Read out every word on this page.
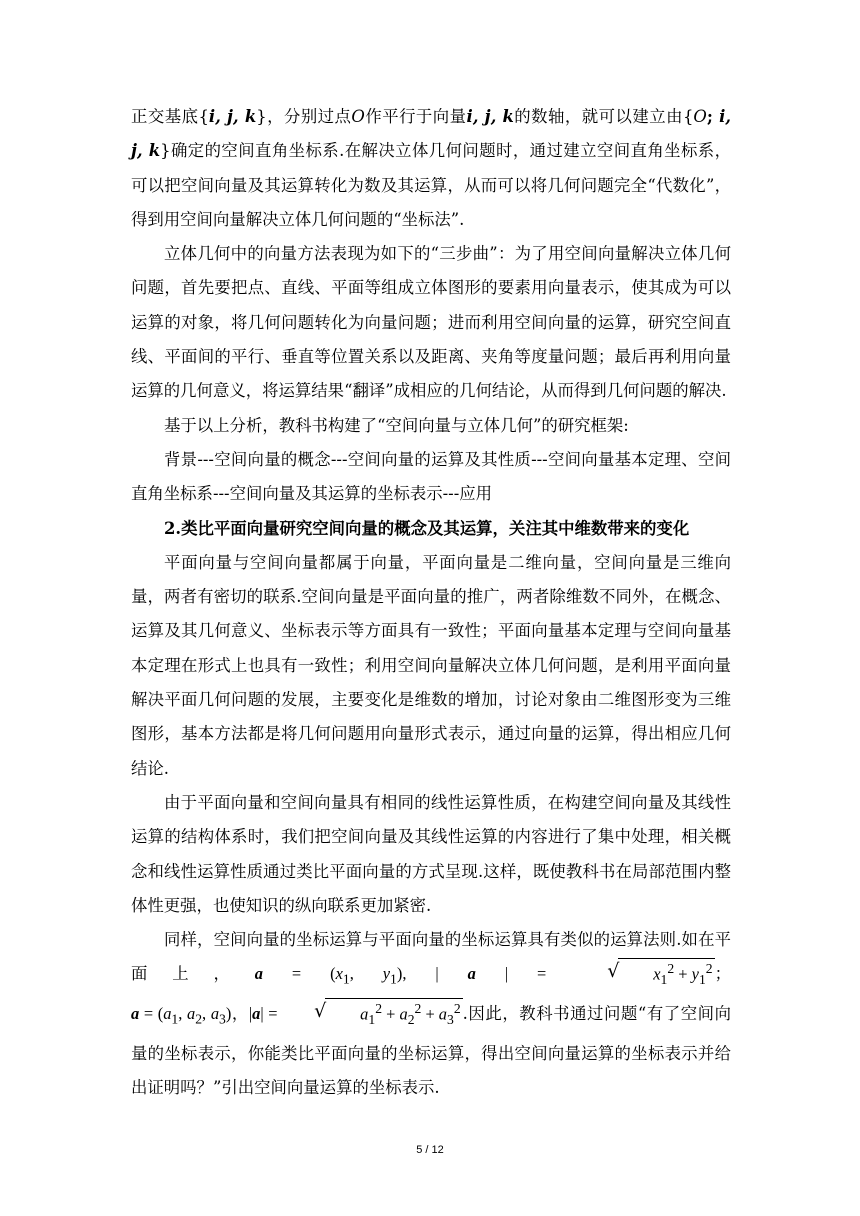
正交基底{i, j, k}，分别过点O作平行于向量i, j, k的数轴，就可以建立由{O; i, j, k}确定的空间直角坐标系.在解决立体几何问题时，通过建立空间直角坐标系，可以把空间向量及其运算转化为数及其运算，从而可以将几何问题完全“代数化”，得到用空间向量解决立体几何问题的“坐标法”.

立体几何中的向量方法表现为如下的“三步曲”：为了用空间向量解决立体几何问题，首先要把点、直线、平面等组成立体图形的要素用向量表示，使其成为可以运算的对象，将几何问题转化为向量问题；进而利用空间向量的运算，研究空间直线、平面间的平行、垂直等位置关系以及距离、夹角等度量问题；最后再利用向量运算的几何意义，将运算结果“翻译”成相应的几何结论，从而得到几何问题的解决.

基于以上分析，教科书构建了“空间向量与立体几何”的研究框架:

背景---空间向量的概念---空间向量的运算及其性质---空间向量基本定理、空间直角坐标系---空间向量及其运算的坐标表示---应用

2.类比平面向量研究空间向量的概念及其运算，关注其中维数带来的变化

平面向量与空间向量都属于向量，平面向量是二维向量，空间向量是三维向量，两者有密切的联系.空间向量是平面向量的推广，两者除维数不同外，在概念、运算及其几何意义、坐标表示等方面具有一致性；平面向量基本定理与空间向量基本定理在形式上也具有一致性；利用空间向量解决立体几何问题，是利用平面向量解决平面几何问题的发展，主要变化是维数的增加，讨论对象由二维图形变为三维图形，基本方法都是将几何问题用向量形式表示，通过向量的运算，得出相应几何结论.

由于平面向量和空间向量具有相同的线性运算性质，在构建空间向量及其线性运算的结构体系时，我们把空间向量及其线性运算的内容进行了集中处理，相关概念和线性运算性质通过类比平面向量的方式呈现.这样，既使教科书在局部范围内整体性更强，也使知识的纵向联系更加紧密.

同样，空间向量的坐标运算与平面向量的坐标运算具有类似的运算法则.如在平面上，$a = (x_1$, $y_1$), | a | =	√ $x_1^2 + y_1^2$ ；$a = (a_1$, $a_2$, $a_3$)，|a| =	√ $a_1^2 + a_2^2 + a_3^2$ .因此，教科书通过问题“有了空间向量的坐标表示，你能类比平面向量的坐标运算，得出空间向量运算的坐标表示并给出证明吗？”引出空间向量运算的坐标表示.

5 / 12
